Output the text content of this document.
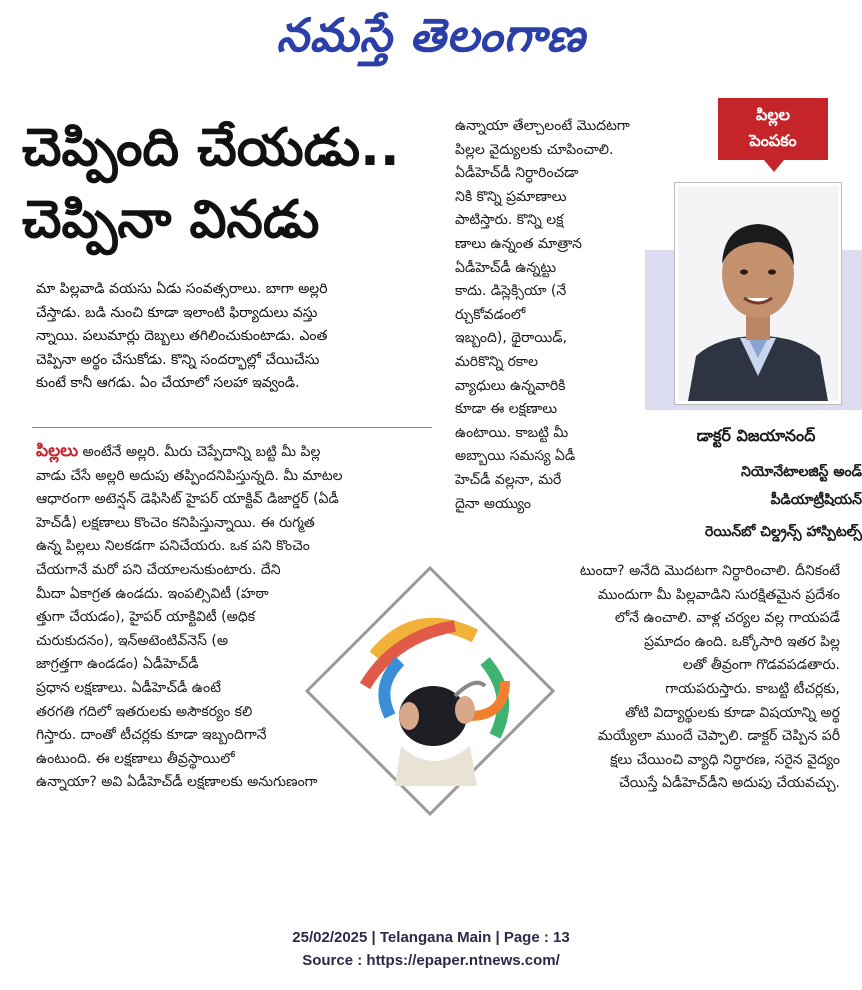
నమస్తే తెలంగాణ
చెప్పింది చేయడు..
చెప్పినా వినడు
మా పిల్లవాడి వయసు ఏడు సంవత్సరాలు. బాగా అల్లరి
చేస్తాడు. బడి నుంచి కూడా ఇలాంటి ఫిర్యాదులు వస్తు
న్నాయి. పలుమార్లు దెబ్బలు తగిలించుకుంటాడు. ఎంత
చెప్పినా అర్థం చేసుకోడు. కొన్ని సందర్భాల్లో చేయిచేసు
కుంటే కానీ ఆగడు. ఏం చేయాలో సలహా ఇవ్వండి.
పిల్లలు అంటేనే అల్లరి. మీరు చెప్పేదాన్ని బట్టి మీ పిల్ల
వాడు చేసే అల్లరి అదుపు తప్పిందనిపిస్తున్నది. మీ మాటల
ఆధారంగా అటెన్షన్ డెఫిసిట్ హైపర్ యాక్టివ్ డిజార్డర్ (ఏడీ
హెచ్‌డీ) లక్షణాలు కొంచెం కనిపిస్తున్నాయి. ఈ రుగ్మత
ఉన్న పిల్లలు నిలకడగా పనిచేయరు. ఒక పని కొంచెం
చేయగానే మరో పని చేయాలనుకుంటారు. దేని
మీదా ఏకాగ్రత ఉండదు. ఇంపల్సివిటీ (హఠా
త్తుగా చేయడం), హైపర్ యాక్టివిటీ (అధిక
చురుకుదనం), ఇన్‌అటెంటివ్‌నెస్ (అ
జాగ్రత్తగా ఉండడం) ఏడీహెచ్‌డీ
ప్రధాన లక్షణాలు. ఏడీహెచ్‌డీ ఉంటే
తరగతి గదిలో ఇతరులకు అసౌకర్యం కలి
గిస్తారు. దాంతో టీచర్లకు కూడా ఇబ్బందిగానే
ఉంటుంది. ఈ లక్షణాలు తీవ్రస్థాయిలో
ఉన్నాయా? అవి ఏడీహెచ్‌డీ లక్షణాలకు అనుగుణంగా
ఉన్నాయా తేల్చాలంటే మొదటగా
పిల్లల వైద్యులకు చూపించాలి.
ఏడీహెచ్‌డీ నిర్ధారించడా
నికి కొన్ని ప్రమాణాలు
పాటిస్తారు. కొన్ని లక్ష
ణాలు ఉన్నంత మాత్రాన
ఏడీహెచ్‌డీ ఉన్నట్టు
కాదు. డిస్లెక్సియా (నే
ర్చుకోవడంలో
ఇబ్బంది), థైరాయిడ్,
మరికొన్ని రకాల
వ్యాధులు ఉన్నవారికి
కూడా ఈ లక్షణాలు
ఉంటాయి. కాబట్టి మీ
అబ్బాయి సమస్య ఏడీ
హెచ్‌డీ వల్లనా, మరే
దైనా అయ్యుం
టుందా? అనేది మొదటగా నిర్ధారించాలి. దీనికంటే
ముందుగా మీ పిల్లవాడిని సురక్షితమైన ప్రదేశం
లోనే ఉంచాలి. వాళ్ల చర్యల వల్ల గాయపడే
ప్రమాదం ఉంది. ఒక్కోసారి ఇతర పిల్ల
లతో తీవ్రంగా గొడవపడతారు.
గాయపరుస్తారు. కాబట్టి టీచర్లకు,
తోటి విద్యార్థులకు కూడా విషయాన్ని అర్థ
మయ్యేలా ముందే చెప్పాలి. డాక్టర్ చెప్పిన పరీ
క్షలు చేయించి వ్యాధి నిర్ధారణ, సరైన వైద్యం
చేయిస్తే ఏడీహెచ్‌డీని అదుపు చేయవచ్చు.
పిల్లల
పెంపకం
డాక్టర్ విజయానంద్
నియోనేటాలజిస్ట్ అండ్
పీడియాట్రీషియన్
రెయిన్‌బో చిల్డ్రన్స్ హాస్పిటల్స్
25/02/2025 | Telangana Main | Page : 13
Source : https://epaper.ntnews.com/
